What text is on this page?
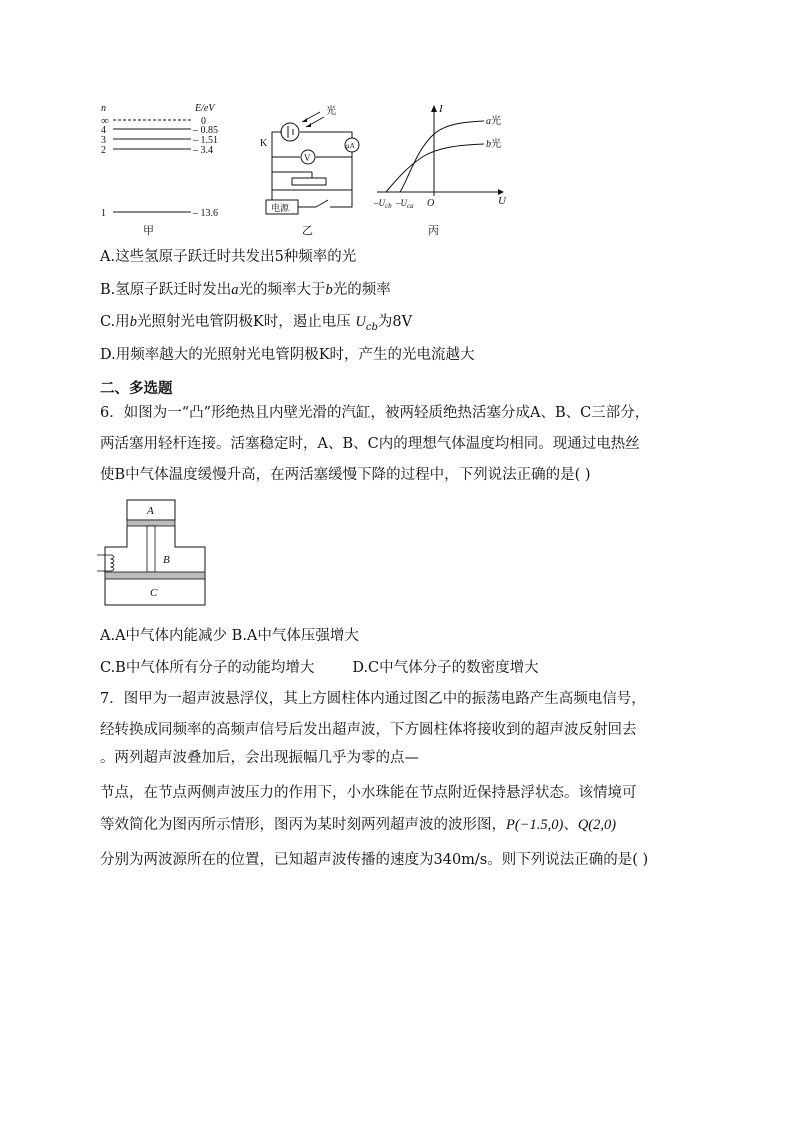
n	E/eV
∞	0
4	– 0.85
3	– 1.51
2	– 3.4
1	– 13.6
甲
K
光
μA
V
电源
乙
U
I
O
a光
b光
$-U_{cb}$ $-U_{ca}$
丙
A.这些氢原子跃迁时共发出5种频率的光
B.氢原子跃迁时发出a光的频率大于b光的频率
C.用b光照射光电管阴极K时，遏止电压 $U_{cb}$为8V
D.用频率越大的光照射光电管阴极K时，产生的光电流越大
二、多选题
6．如图为一“凸”形绝热且内壁光滑的汽缸，被两轻质绝热活塞分成A、B、C三部分，
两活塞用轻杆连接。活塞稳定时，A、B、C内的理想气体温度均相同。现通过电热丝
使B中气体温度缓慢升高，在两活塞缓慢下降的过程中，下列说法正确的是( )
A
B
C
A.A中气体内能减少 B.A中气体压强增大
C.B中气体所有分子的动能均增大	D.C中气体分子的数密度增大
7．图甲为一超声波悬浮仪，其上方圆柱体内通过图乙中的振荡电路产生高频电信号，
经转换成同频率的高频声信号后发出超声波，下方圆柱体将接收到的超声波反射回去
。两列超声波叠加后，会出现振幅几乎为零的点—
节点，在节点两侧声波压力的作用下，小水珠能在节点附近保持悬浮状态。该情境可
等效简化为图丙所示情形，图丙为某时刻两列超声波的波形图，P(−1.5,0)、Q(2,0)
分别为两波源所在的位置，已知超声波传播的速度为340m/s。则下列说法正确的是( )
